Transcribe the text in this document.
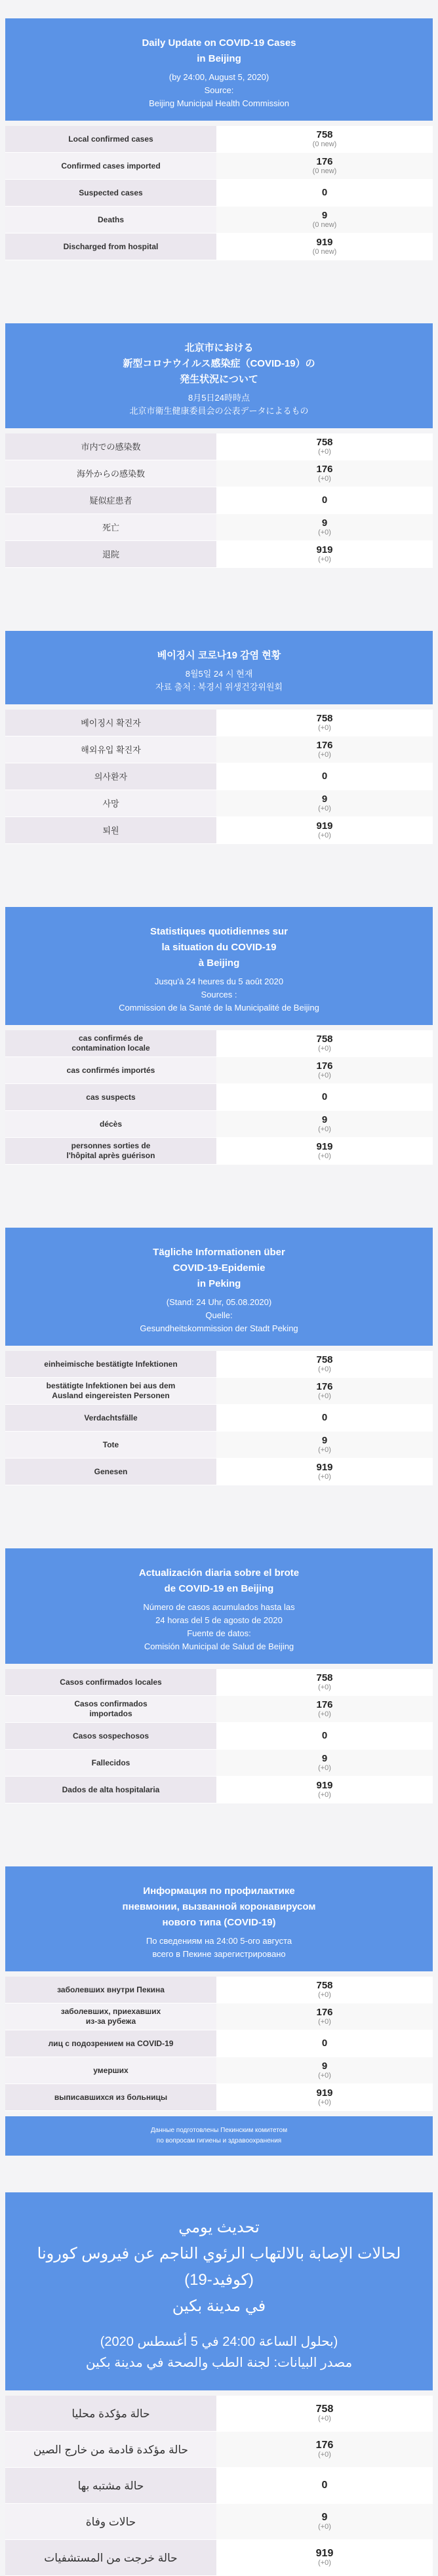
Daily Update on COVID-19 Cases
in Beijing
(by 24:00, August 5, 2020)
Source:
Beijing Municipal Health Commission
Local confirmed cases	758
(0 new)
Confirmed cases imported	176
(0 new)
Suspected cases	0
Deaths	9
(0 new)
Discharged from hospital	919
(0 new)
北京市における
新型コロナウイルス感染症（COVID-19）の
発生状況について
8月5日24時時点
北京市衛生健康委員会の公表データによるもの
市内での感染数	758
(+0)
海外からの感染数	176
(+0)
疑似症患者	0
死亡	9
(+0)
退院	919
(+0)
베이징시 코로나19 감염 현황
8월5일 24 시 현재
자료 출처 : 북경시 위생건강위원회
베이징시 확진자	758
(+0)
해외유입 확진자	176
(+0)
의사환자	0
사망	9
(+0)
퇴원	919
(+0)
Statistiques quotidiennes sur
la situation du COVID-19
à Beijing
Jusqu'à 24 heures du 5 août 2020
Sources :
Commission de la Santé de la Municipalité de Beijing
cas confirmés de
contamination locale
758
(+0)
cas confirmés importés	176
(+0)
cas suspects	0
décès	9
(+0)
personnes sorties de
l'hôpital après guérison
919
(+0)
Tägliche Informationen über
COVID-19-Epidemie
in Peking
(Stand: 24 Uhr, 05.08.2020)
Quelle:
Gesundheitskommission der Stadt Peking
einheimische bestätigte Infektionen	758
(+0)
bestätigte Infektionen bei aus dem
Ausland eingereisten Personen
176
(+0)
Verdachtsfälle	0
Tote	9
(+0)
Genesen	919
(+0)
Actualización diaria sobre el brote
de COVID-19 en Beijing
Número de casos acumulados hasta las
24 horas del 5 de agosto de 2020
Fuente de datos:
Comisión Municipal de Salud de Beijing
Casos confirmados locales	758
(+0)
Casos confirmados
importados
176
(+0)
Casos sospechosos	0
Fallecidos	9
(+0)
Dados de alta hospitalaria	919
(+0)
Информация по профилактике
пневмонии, вызванной коронавирусом
нового типа (COVID-19)
По сведениям на 24:00 5-ого августа
всего в Пекине зарегистрировано
заболевших внутри Пекина	758
(+0)
заболевших, приехавших
из-за рубежа
176
(+0)
лиц с подозрением на COVID-19	0
умерших	9
(+0)
выписавшихся из больницы	919
(+0)
Данные подготовлены Пекинским комитетом
по вопросам гигиены и здравоохранения
تحديث يومي
لحالات الإصابة بالالتهاب الرئوي الناجم عن فيروس كورونا (كوفيد-19)
في مدينة بكين
(بحلول الساعة 24:00 في 5 أغسطس 2020)
مصدر البيانات: لجنة الطب والصحة في مدينة بكين
حالة مؤكدة محليا	758
(+0)
حالة مؤكدة قادمة من خارج الصين	176
(+0)
حالة مشتبه بها	0
حالات وفاة	9
(+0)
حالة خرجت من المستشفيات	919
(+0)
